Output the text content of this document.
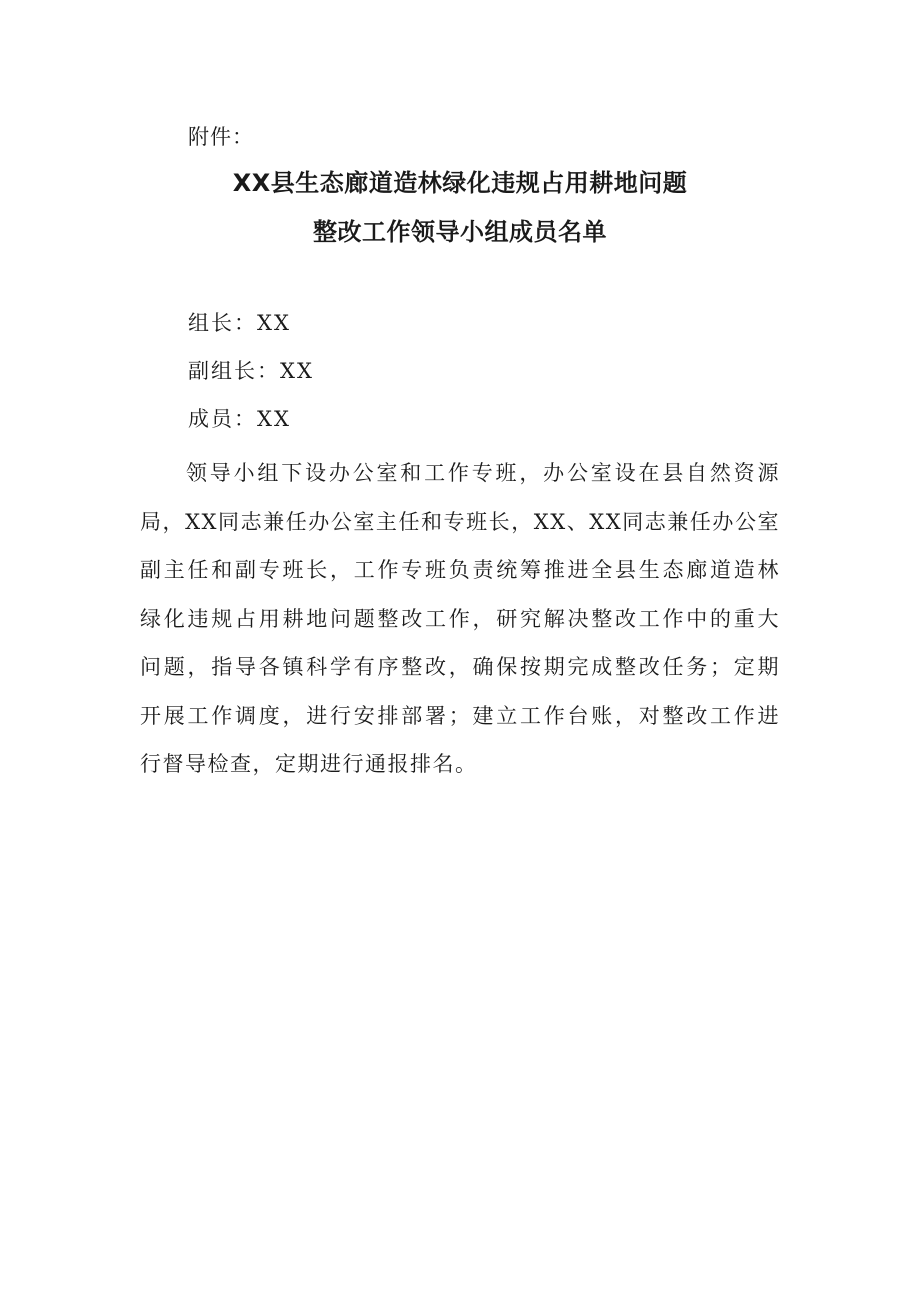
附件：
XX县生态廊道造林绿化违规占用耕地问题
整改工作领导小组成员名单
组长：XX
副组长：XX
成员：XX
领导小组下设办公室和工作专班，办公室设在县自然资源
局，XX同志兼任办公室主任和专班长，XX、XX同志兼任办公室
副主任和副专班长，工作专班负责统筹推进全县生态廊道造林
绿化违规占用耕地问题整改工作，研究解决整改工作中的重大
问题，指导各镇科学有序整改，确保按期完成整改任务；定期
开展工作调度，进行安排部署；建立工作台账，对整改工作进
行督导检查，定期进行通报排名。
